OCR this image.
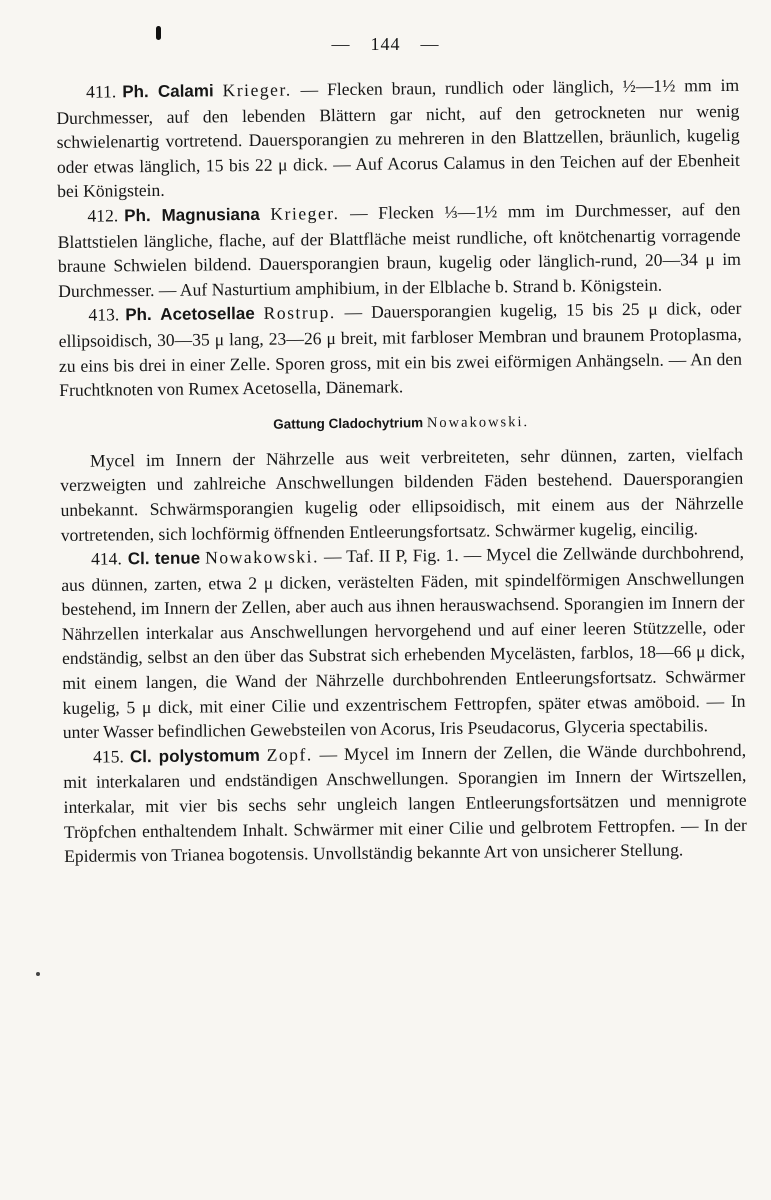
— 144 —

411. Ph. Calami Krieger. — Flecken braun, rundlich oder länglich, ½—1½ mm im Durchmesser, auf den lebenden Blättern gar nicht, auf den getrockneten nur wenig schwielenartig vortretend. Dauersporangien zu mehreren in den Blattzellen, bräunlich, kugelig oder etwas länglich, 15 bis 22 μ dick. — Auf Acorus Calamus in den Teichen auf der Ebenheit bei Königstein.

412. Ph. Magnusiana Krieger. — Flecken ⅓—1½ mm im Durchmesser, auf den Blattstielen längliche, flache, auf der Blattfläche meist rundliche, oft knötchenartig vorragende braune Schwielen bildend. Dauersporangien braun, kugelig oder länglich-rund, 20—34 μ im Durchmesser. — Auf Nasturtium amphibium, in der Elblache b. Strand b. Königstein.

413. Ph. Acetosellae Rostrup. — Dauersporangien kugelig, 15 bis 25 μ dick, oder ellipsoidisch, 30—35 μ lang, 23—26 μ breit, mit farbloser Membran und braunem Protoplasma, zu eins bis drei in einer Zelle. Sporen gross, mit ein bis zwei eiförmigen Anhängseln. — An den Fruchtknoten von Rumex Acetosella, Dänemark.

Gattung Cladochytrium Nowakowski.

Mycel im Innern der Nährzelle aus weit verbreiteten, sehr dünnen, zarten, vielfach verzweigten und zahlreiche Anschwellungen bildenden Fäden bestehend. Dauersporangien unbekannt. Schwärmsporangien kugelig oder ellipsoidisch, mit einem aus der Nährzelle vortretenden, sich lochförmig öffnenden Entleerungsfortsatz. Schwärmer kugelig, eincilig.

414. Cl. tenue Nowakowski. — Taf. II P, Fig. 1. — Mycel die Zellwände durchbohrend, aus dünnen, zarten, etwa 2 μ dicken, verästelten Fäden, mit spindelförmigen Anschwellungen bestehend, im Innern der Zellen, aber auch aus ihnen herauswachsend. Sporangien im Innern der Nährzellen interkalar aus Anschwellungen hervorgehend und auf einer leeren Stützzelle, oder endständig, selbst an den über das Substrat sich erhebenden Mycelästen, farblos, 18—66 μ dick, mit einem langen, die Wand der Nährzelle durchbohrenden Entleerungsfortsatz. Schwärmer kugelig, 5 μ dick, mit einer Cilie und exzentrischem Fettropfen, später etwas amöboid. — In unter Wasser befindlichen Gewebsteilen von Acorus, Iris Pseudacorus, Glyceria spectabilis.

415. Cl. polystomum Zopf. — Mycel im Innern der Zellen, die Wände durchbohrend, mit interkalaren und endständigen Anschwellungen. Sporangien im Innern der Wirtszellen, interkalar, mit vier bis sechs sehr ungleich langen Entleerungsfortsätzen und mennigrote Tröpfchen enthaltendem Inhalt. Schwärmer mit einer Cilie und gelbrotem Fettropfen. — In der Epidermis von Trianea bogotensis. Unvollständig bekannte Art von unsicherer Stellung.
